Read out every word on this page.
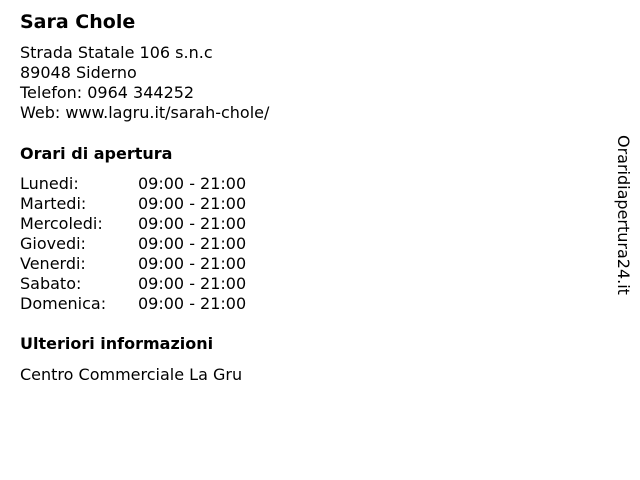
Sara Chole
Strada Statale 106 s.n.c
89048 Siderno
Telefon: 0964 344252
Web: www.lagru.it/sarah-chole/
Orari di apertura
Lunedi:	09:00 - 21:00
Martedi:	09:00 - 21:00
Mercoledi:	09:00 - 21:00
Giovedi:	09:00 - 21:00
Venerdi:	09:00 - 21:00
Sabato:	09:00 - 21:00
Domenica:	09:00 - 21:00
Ulteriori informazioni
Centro Commerciale La Gru
Oraridiapertura24.it
